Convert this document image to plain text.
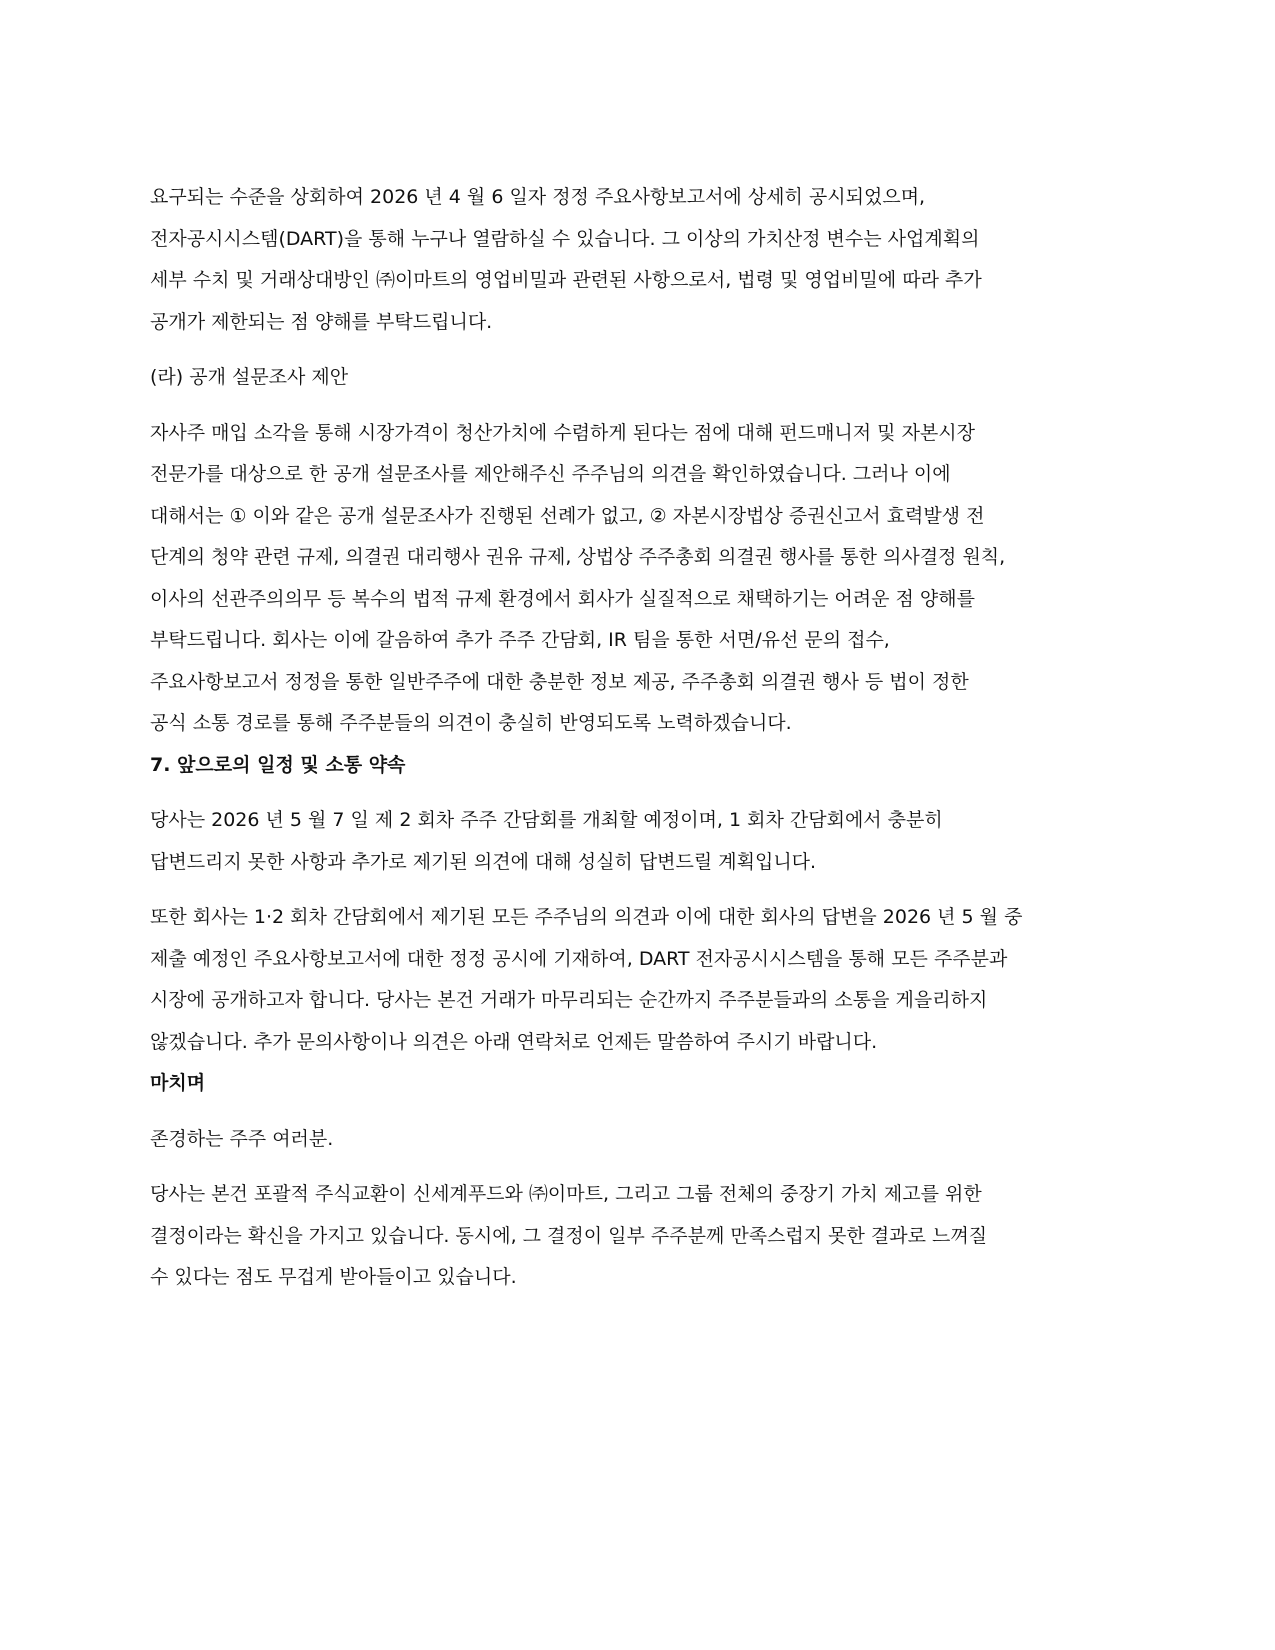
요구되는 수준을 상회하여 2026 년 4 월 6 일자 정정 주요사항보고서에 상세히 공시되었으며,
전자공시시스템(DART)을 통해 누구나 열람하실 수 있습니다. 그 이상의 가치산정 변수는 사업계획의
세부 수치 및 거래상대방인 ㈜이마트의 영업비밀과 관련된 사항으로서, 법령 및 영업비밀에 따라 추가
공개가 제한되는 점 양해를 부탁드립니다.

(라) 공개 설문조사 제안

자사주 매입 소각을 통해 시장가격이 청산가치에 수렴하게 된다는 점에 대해 펀드매니저 및 자본시장
전문가를 대상으로 한 공개 설문조사를 제안해주신 주주님의 의견을 확인하였습니다. 그러나 이에
대해서는 ① 이와 같은 공개 설문조사가 진행된 선례가 없고, ② 자본시장법상 증권신고서 효력발생 전
단계의 청약 관련 규제, 의결권 대리행사 권유 규제, 상법상 주주총회 의결권 행사를 통한 의사결정 원칙,
이사의 선관주의의무 등 복수의 법적 규제 환경에서 회사가 실질적으로 채택하기는 어려운 점 양해를
부탁드립니다. 회사는 이에 갈음하여 추가 주주 간담회, IR 팀을 통한 서면/유선 문의 접수,
주요사항보고서 정정을 통한 일반주주에 대한 충분한 정보 제공, 주주총회 의결권 행사 등 법이 정한
공식 소통 경로를 통해 주주분들의 의견이 충실히 반영되도록 노력하겠습니다.

7. 앞으로의 일정 및 소통 약속

당사는 2026 년 5 월 7 일 제 2 회차 주주 간담회를 개최할 예정이며, 1 회차 간담회에서 충분히
답변드리지 못한 사항과 추가로 제기된 의견에 대해 성실히 답변드릴 계획입니다.

또한 회사는 1·2 회차 간담회에서 제기된 모든 주주님의 의견과 이에 대한 회사의 답변을 2026 년 5 월 중
제출 예정인 주요사항보고서에 대한 정정 공시에 기재하여, DART 전자공시시스템을 통해 모든 주주분과
시장에 공개하고자 합니다. 당사는 본건 거래가 마무리되는 순간까지 주주분들과의 소통을 게을리하지
않겠습니다. 추가 문의사항이나 의견은 아래 연락처로 언제든 말씀하여 주시기 바랍니다.

마치며

존경하는 주주 여러분.

당사는 본건 포괄적 주식교환이 신세계푸드와 ㈜이마트, 그리고 그룹 전체의 중장기 가치 제고를 위한
결정이라는 확신을 가지고 있습니다. 동시에, 그 결정이 일부 주주분께 만족스럽지 못한 결과로 느껴질
수 있다는 점도 무겁게 받아들이고 있습니다.
